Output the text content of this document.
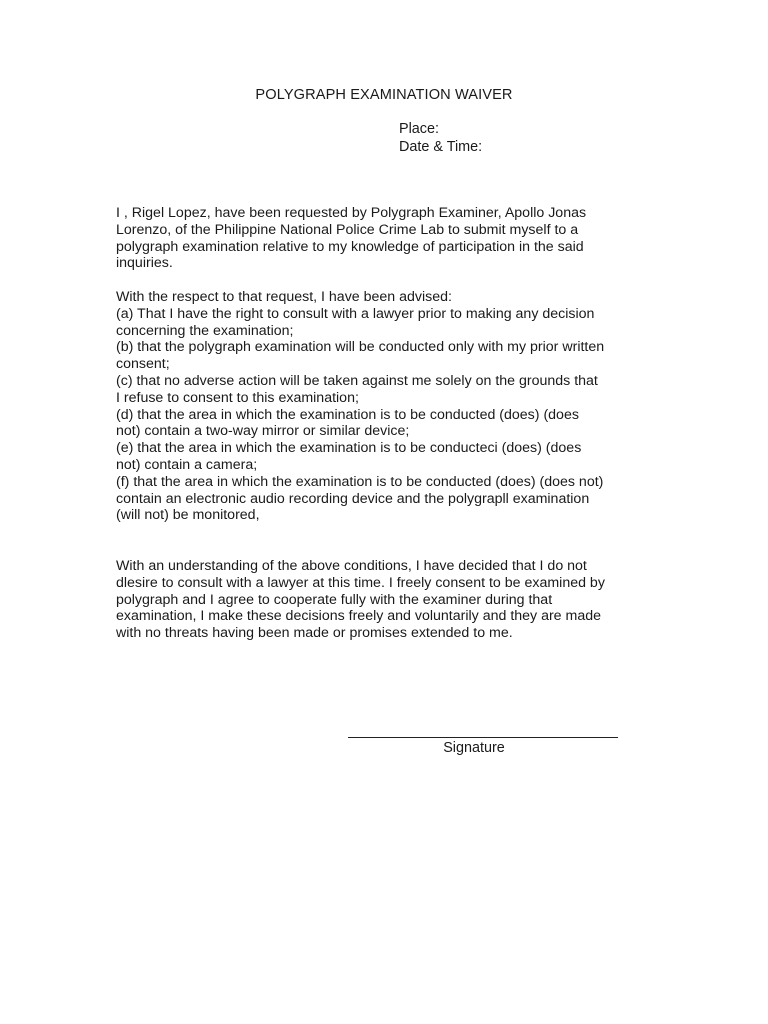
POLYGRAPH EXAMINATION WAIVER
Place:
Date & Time:

I , Rigel Lopez, have been requested by Polygraph Examiner, Apollo Jonas

Lorenzo, of the Philippine National Police Crime Lab to submit myself to a

polygraph examination relative to my knowledge of participation in the said

inquiries.

With the respect to that request, I have been advised:

(a) That I have the right to consult with a lawyer prior to making any decision

concerning the examination;

(b) that the polygraph examination will be conducted only with my prior written

consent;

(c) that no adverse action will be taken against me solely on the grounds that

I refuse to consent to this examination;

(d) that the area in which the examination is to be conducted (does) (does

not) contain a two-way mirror or similar device;

(e) that the area in which the examination is to be conducteci (does) (does

not) contain a camera;

(f) that the area in which the examination is to be conducted (does) (does not)

contain an electronic audio recording device and the polygrapll examination

(will not) be monitored,

With an understanding of the above conditions, I have decided that I do not

dlesire to consult with a lawyer at this time. I freely consent to be examined by

polygraph and I agree to cooperate fully with the examiner during that

examination, I make these decisions freely and voluntarily and they are made

with no threats having been made or promises extended to me.

Signature
